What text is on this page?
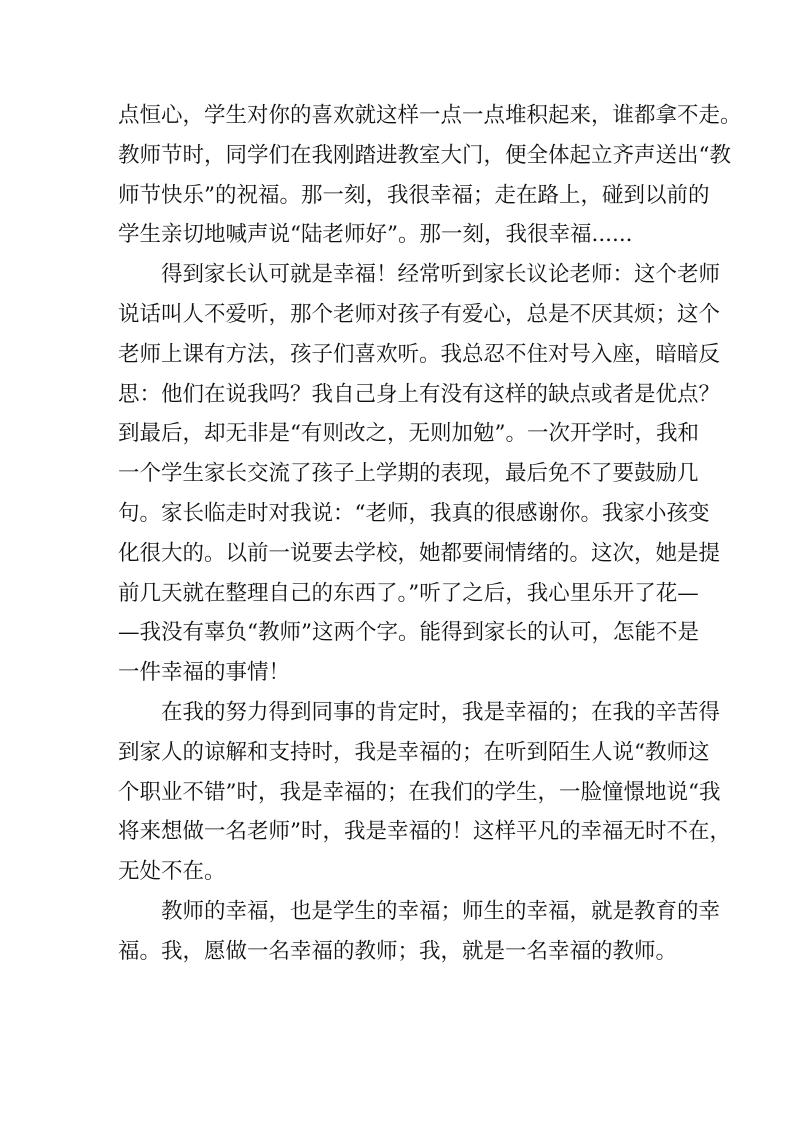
点恒心，学生对你的喜欢就这样一点一点堆积起来，谁都拿不走。
教师节时，同学们在我刚踏进教室大门，便全体起立齐声送出“教
师节快乐”的祝福。那一刻，我很幸福；走在路上，碰到以前的
学生亲切地喊声说“陆老师好”。那一刻，我很幸福......
得到家长认可就是幸福！经常听到家长议论老师：这个老师
说话叫人不爱听，那个老师对孩子有爱心，总是不厌其烦；这个
老师上课有方法，孩子们喜欢听。我总忍不住对号入座，暗暗反
思：他们在说我吗？我自己身上有没有这样的缺点或者是优点？
到最后，却无非是“有则改之，无则加勉”。一次开学时，我和
一个学生家长交流了孩子上学期的表现，最后免不了要鼓励几
句。家长临走时对我说：“老师，我真的很感谢你。我家小孩变
化很大的。以前一说要去学校，她都要闹情绪的。这次，她是提
前几天就在整理自己的东西了。”听了之后，我心里乐开了花—
—我没有辜负“教师”这两个字。能得到家长的认可，怎能不是
一件幸福的事情！
在我的努力得到同事的肯定时，我是幸福的；在我的辛苦得
到家人的谅解和支持时，我是幸福的；在听到陌生人说“教师这
个职业不错”时，我是幸福的；在我们的学生，一脸憧憬地说“我
将来想做一名老师”时，我是幸福的！这样平凡的幸福无时不在，
无处不在。
教师的幸福，也是学生的幸福；师生的幸福，就是教育的幸
福。我，愿做一名幸福的教师；我，就是一名幸福的教师。
